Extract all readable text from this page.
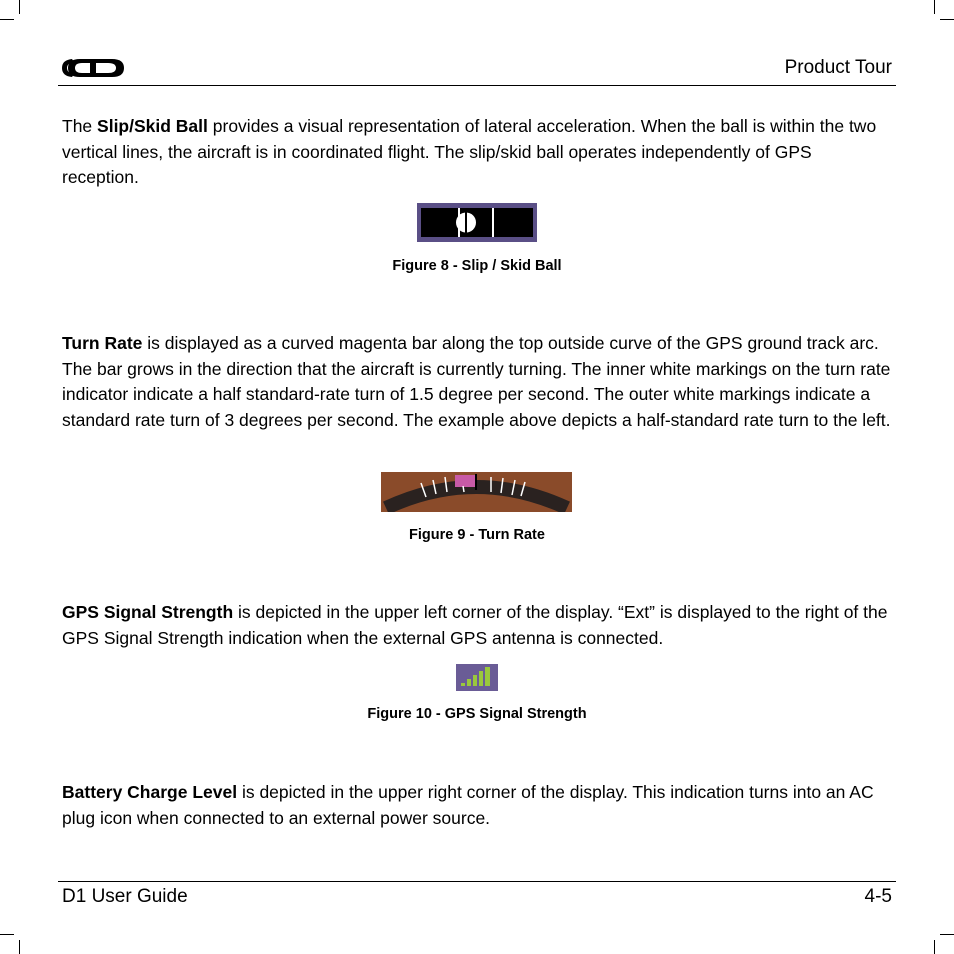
Product Tour

The Slip/Skid Ball provides a visual representation of lateral acceleration. When the ball is within the two vertical lines, the aircraft is in coordinated flight. The slip/skid ball operates independently of GPS reception.

Figure 8 - Slip / Skid Ball

Turn Rate is displayed as a curved magenta bar along the top outside curve of the GPS ground track arc. The bar grows in the direction that the aircraft is currently turning. The inner white markings on the turn rate indicator indicate a half standard-rate turn of 1.5 degree per second. The outer white markings indicate a standard rate turn of 3 degrees per second. The example above depicts a half-standard rate turn to the left.

Figure 9 - Turn Rate

GPS Signal Strength is depicted in the upper left corner of the display. “Ext” is displayed to the right of the GPS Signal Strength indication when the external GPS antenna is connected.

Figure 10 - GPS Signal Strength

Battery Charge Level is depicted in the upper right corner of the display. This indication turns into an AC plug icon when connected to an external power source.

D1 User Guide	4-5
